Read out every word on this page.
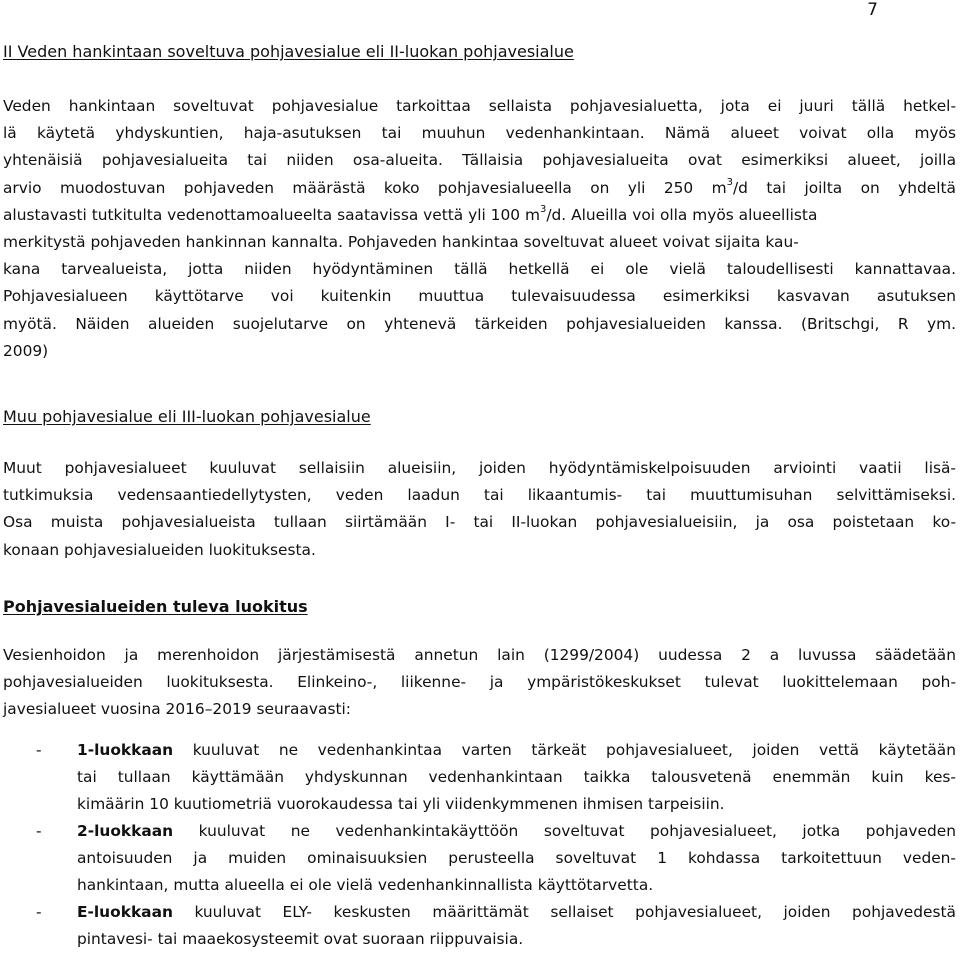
7
II Veden hankintaan soveltuva pohjavesialue eli II-luokan pohjavesialue
Veden hankintaan soveltuvat pohjavesialue tarkoittaa sellaista pohjavesialuetta, jota ei juuri tällä hetkel-
lä käytetä yhdyskuntien, haja-asutuksen tai muuhun vedenhankintaan. Nämä alueet voivat olla myös
yhtenäisiä pohjavesialueita tai niiden osa-alueita. Tällaisia pohjavesialueita ovat esimerkiksi alueet, joilla
arvio muodostuvan pohjaveden määrästä koko pohjavesialueella on yli 250 $m^3/d$ tai joilta on yhdeltä
alustavasti tutkitulta vedenottamoalueelta saatavissa vettä yli 100 $m^3/d$. Alueilla voi olla myös alueellista
merkitystä pohjaveden hankinnan kannalta. Pohjaveden hankintaa soveltuvat alueet voivat sijaita kau-
kana tarvealueista, jotta niiden hyödyntäminen tällä hetkellä ei ole vielä taloudellisesti kannattavaa.
Pohjavesialueen käyttötarve voi kuitenkin muuttua tulevaisuudessa esimerkiksi kasvavan asutuksen
myötä. Näiden alueiden suojelutarve on yhtenevä tärkeiden pohjavesialueiden kanssa. (Britschgi, R ym.
2009)
Muu pohjavesialue eli III-luokan pohjavesialue
Muut pohjavesialueet kuuluvat sellaisiin alueisiin, joiden hyödyntämiskelpoisuuden arviointi vaatii lisä-
tutkimuksia vedensaantiedellytysten, veden laadun tai likaantumis- tai muuttumisuhan selvittämiseksi.
Osa muista pohjavesialueista tullaan siirtämään I- tai II-luokan pohjavesialueisiin, ja osa poistetaan ko-
konaan pohjavesialueiden luokituksesta.
Pohjavesialueiden tuleva luokitus
Vesienhoidon ja merenhoidon järjestämisestä annetun lain (1299/2004) uudessa 2 a luvussa säädetään
pohjavesialueiden luokituksesta. Elinkeino-, liikenne- ja ympäristökeskukset tulevat luokittelemaan poh-
javesialueet vuosina 2016–2019 seuraavasti:
- 1-luokkaan kuuluvat ne vedenhankintaa varten tärkeät pohjavesialueet, joiden vettä käytetään
tai tullaan käyttämään yhdyskunnan vedenhankintaan taikka talousvetenä enemmän kuin kes-
kimäärin 10 kuutiometriä vuorokaudessa tai yli viidenkymmenen ihmisen tarpeisiin.
- 2-luokkaan kuuluvat ne vedenhankintakäyttöön soveltuvat pohjavesialueet, jotka pohjaveden
antoisuuden ja muiden ominaisuuksien perusteella soveltuvat 1 kohdassa tarkoitettuun veden-
hankintaan, mutta alueella ei ole vielä vedenhankinnallista käyttötarvetta.
- E-luokkaan kuuluvat ELY- keskusten määrittämät sellaiset pohjavesialueet, joiden pohjavedestä
pintavesi- tai maaekosysteemit ovat suoraan riippuvaisia.
